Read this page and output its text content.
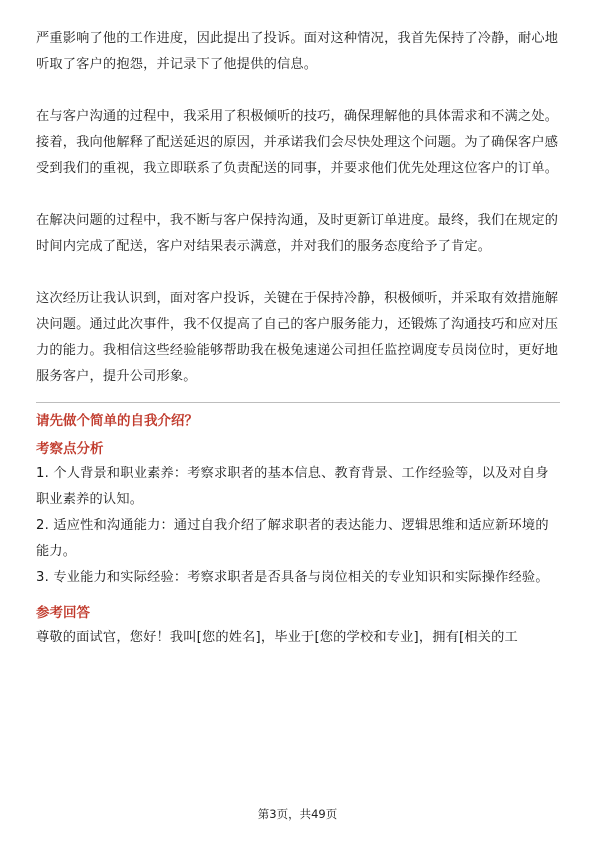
严重影响了他的工作进度，因此提出了投诉。面对这种情况，我首先保持了冷静，耐心地听取了客户的抱怨，并记录下了他提供的信息。

在与客户沟通的过程中，我采用了积极倾听的技巧，确保理解他的具体需求和不满之处。接着，我向他解释了配送延迟的原因，并承诺我们会尽快处理这个问题。为了确保客户感受到我们的重视，我立即联系了负责配送的同事，并要求他们优先处理这位客户的订单。

在解决问题的过程中，我不断与客户保持沟通，及时更新订单进度。最终，我们在规定的时间内完成了配送，客户对结果表示满意，并对我们的服务态度给予了肯定。

这次经历让我认识到，面对客户投诉，关键在于保持冷静，积极倾听，并采取有效措施解决问题。通过此次事件，我不仅提高了自己的客户服务能力，还锻炼了沟通技巧和应对压力的能力。我相信这些经验能够帮助我在极兔速递公司担任监控调度专员岗位时，更好地服务客户，提升公司形象。

请先做个简单的自我介绍？

考察点分析

1. 个人背景和职业素养：考察求职者的基本信息、教育背景、工作经验等，以及对自身职业素养的认知。

2. 适应性和沟通能力：通过自我介绍了解求职者的表达能力、逻辑思维和适应新环境的能力。

3. 专业能力和实际经验：考察求职者是否具备与岗位相关的专业知识和实际操作经验。

参考回答

尊敬的面试官，您好！我叫[您的姓名]，毕业于[您的学校和专业]，拥有[相关的工

第3页，共49页
